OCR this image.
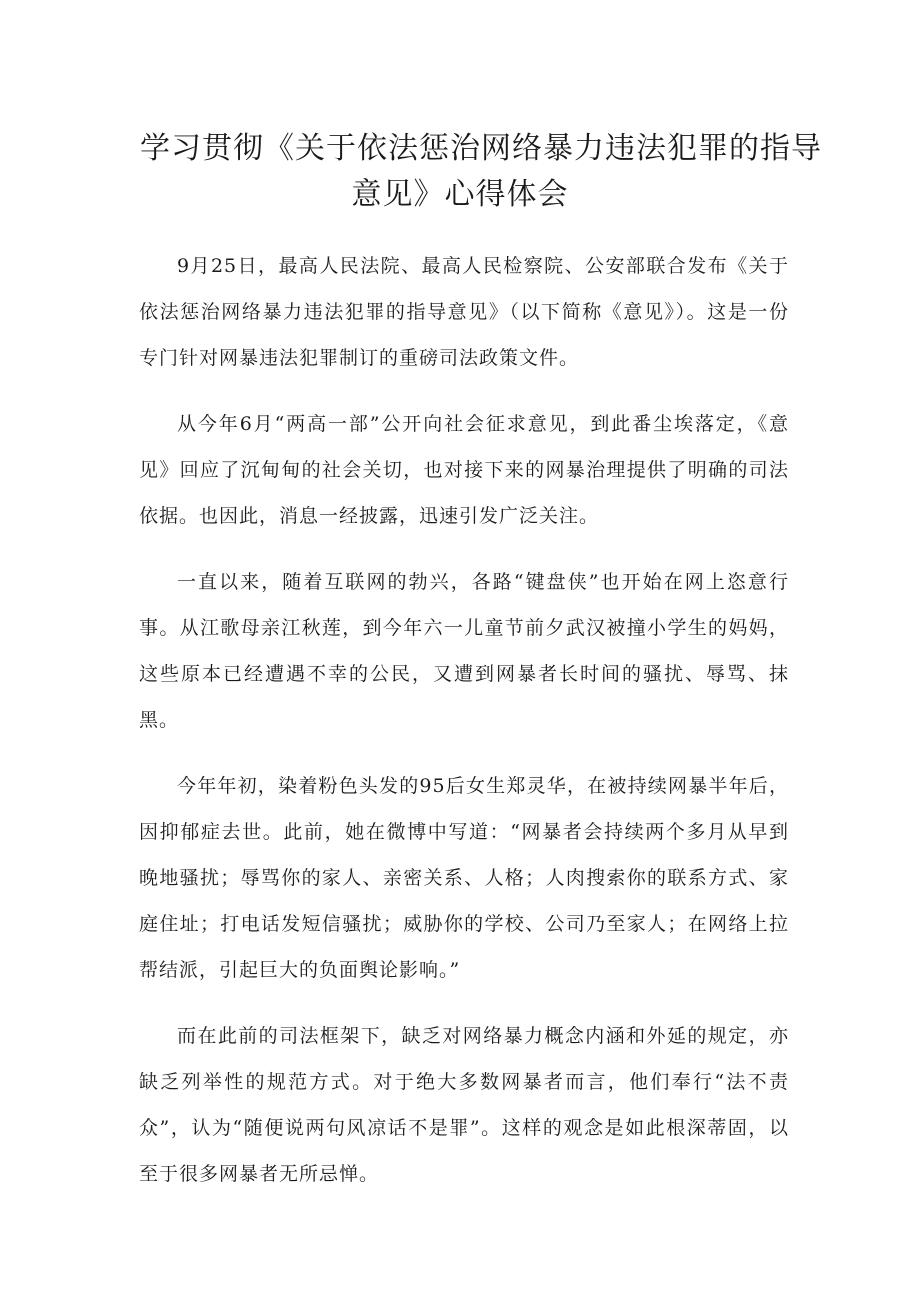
学习贯彻《关于依法惩治网络暴力违法犯罪的指导
意见》心得体会

9月25日，最高人民法院、最高人民检察院、公安部联合发布《关于依法惩治网络暴力违法犯罪的指导意见》（以下简称《意见》）。这是一份专门针对网暴违法犯罪制订的重磅司法政策文件。

从今年6月“两高一部”公开向社会征求意见，到此番尘埃落定，《意见》回应了沉甸甸的社会关切，也对接下来的网暴治理提供了明确的司法依据。也因此，消息一经披露，迅速引发广泛关注。

一直以来，随着互联网的勃兴，各路“键盘侠”也开始在网上恣意行事。从江歌母亲江秋莲，到今年六一儿童节前夕武汉被撞小学生的妈妈，这些原本已经遭遇不幸的公民，又遭到网暴者长时间的骚扰、辱骂、抹黑。

今年年初，染着粉色头发的95后女生郑灵华，在被持续网暴半年后，因抑郁症去世。此前，她在微博中写道：“网暴者会持续两个多月从早到晚地骚扰；辱骂你的家人、亲密关系、人格；人肉搜索你的联系方式、家庭住址；打电话发短信骚扰；威胁你的学校、公司乃至家人；在网络上拉帮结派，引起巨大的负面舆论影响。”

而在此前的司法框架下，缺乏对网络暴力概念内涵和外延的规定，亦缺乏列举性的规范方式。对于绝大多数网暴者而言，他们奉行“法不责众”，认为“随便说两句风凉话不是罪”。这样的观念是如此根深蒂固，以至于很多网暴者无所忌惮。
